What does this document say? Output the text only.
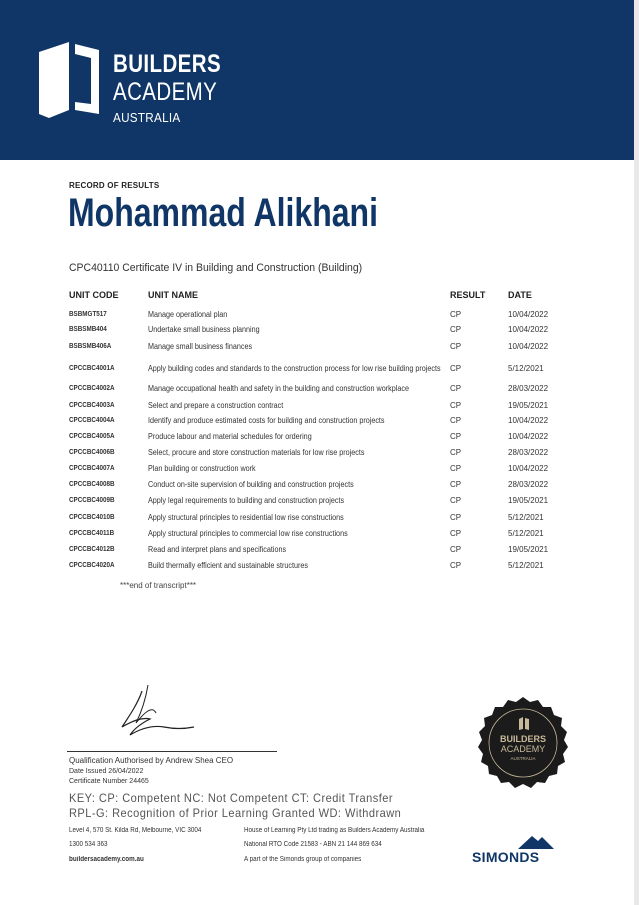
BUILDERS
ACADEMY
AUSTRALIA
RECORD OF RESULTS
Mohammad Alikhani
CPC40110 Certificate IV in Building and Construction (Building)
UNIT CODE	UNIT NAME	RESULT	DATE
BSBMGT517	Manage operational plan	CP	10/04/2022
BSBSMB404	Undertake small business planning	CP	10/04/2022
BSBSMB406A	Manage small business finances	CP	10/04/2022
CPCCBC4001A	Apply building codes and standards to the construction process for low rise building projects CP	5/12/2021
CPCCBC4002A	Manage occupational health and safety in the building and construction workplace	CP	28/03/2022
CPCCBC4003A	Select and prepare a construction contract	CP	19/05/2021
CPCCBC4004A	Identify and produce estimated costs for building and construction projects	CP	10/04/2022
CPCCBC4005A	Produce labour and material schedules for ordering	CP	10/04/2022
CPCCBC4006B	Select, procure and store construction materials for low rise projects	CP	28/03/2022
CPCCBC4007A	Plan building or construction work	CP	10/04/2022
CPCCBC4008B	Conduct on-site supervision of building and construction projects	CP	28/03/2022
CPCCBC4009B	Apply legal requirements to building and construction projects	CP	19/05/2021
CPCCBC4010B	Apply structural principles to residential low rise constructions	CP	5/12/2021
CPCCBC4011B	Apply structural principles to commercial low rise constructions	CP	5/12/2021
CPCCBC4012B	Read and interpret plans and specifications	CP	19/05/2021
CPCCBC4020A	Build thermally efficient and sustainable structures	CP	5/12/2021
***end of transcript***
Qualification Authorised by Andrew Shea CEO
Date Issued 26/04/2022
Certificate Number 24465
KEY: CP: Competent NC: Not Competent CT: Credit Transfer
RPL-G: Recognition of Prior Learning Granted WD: Withdrawn
Level 4, 570 St. Kilda Rd, Melbourne, VIC 3004
1300 534 363
buildersacademy.com.au
House of Learning Pty Ltd trading as Builders Academy Australia
National RTO Code 21583 - ABN 21 144 869 634
A part of the Simonds group of companies
BUILDERS
ACADEMY
AUSTRALIA
SIMONDS
